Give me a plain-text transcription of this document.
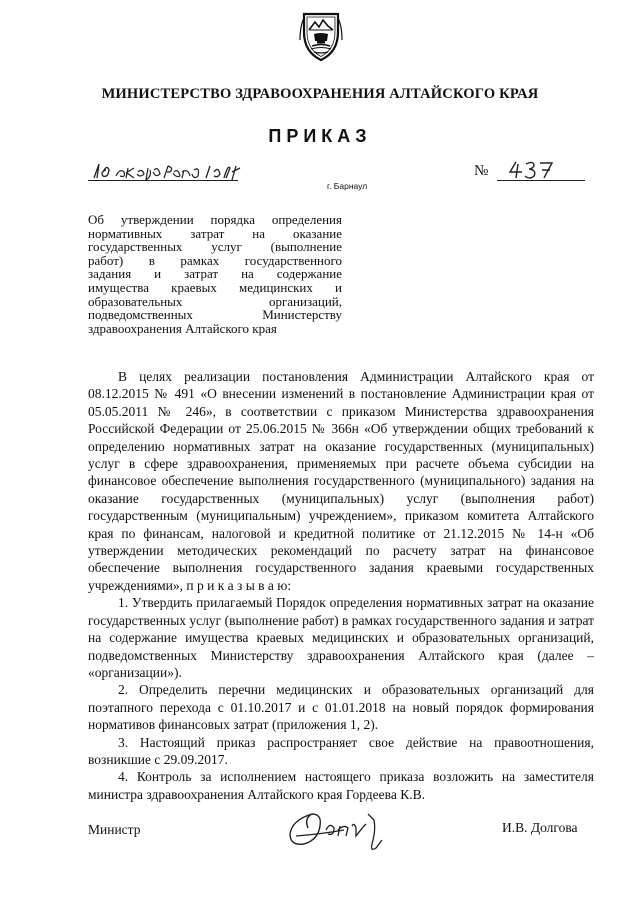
МИНИСТЕРСТВО ЗДРАВООХРАНЕНИЯ АЛТАЙСКОГО КРАЯ
ПРИКАЗ
г. Барнаул
№
Об утверждении порядка определения
нормативных затрат на оказание
государственных услуг (выполнение
работ) в рамках государственного
задания и затрат на содержание
имущества краевых медицинских и
образовательных организаций,
подведомственных Министерству
здравоохранения Алтайского края

В целях реализации постановления Администрации Алтайского края от 08.12.2015 № 491 «О внесении изменений в постановление Администрации края от 05.05.2011 № 246», в соответствии с приказом Министерства здравоохранения Российской Федерации от 25.06.2015 № 366н «Об утверждении общих требований к определению нормативных затрат на оказание государственных (муниципальных) услуг в сфере здравоохранения, применяемых при расчете объема субсидии на финансовое обеспечение выполнения государственного (муниципального) задания на оказание государственных (муниципальных) услуг (выполнения работ) государственным (муниципальным) учреждением», приказом комитета Алтайского края по финансам, налоговой и кредитной политике от 21.12.2015 № 14-н «Об утверждении методических рекомендаций по расчету затрат на финансовое обеспечение выполнения государственного задания краевыми государственных учреждениями», п р и к а з ы в а ю:

1. Утвердить прилагаемый Порядок определения нормативных затрат на оказание государственных услуг (выполнение работ) в рамках государственного задания и затрат на содержание имущества краевых медицинских и образовательных организаций, подведомственных Министерству здравоохранения Алтайского края (далее – «организации»).

2. Определить перечни медицинских и образовательных организаций для поэтапного перехода с 01.10.2017 и с 01.01.2018 на новый порядок формирования нормативов финансовых затрат (приложения 1, 2).

3. Настоящий приказ распространяет свое действие на правоотношения, возникшие с 29.09.2017.

4. Контроль за исполнением настоящего приказа возложить на заместителя министра здравоохранения Алтайского края Гордеева К.В.

Министр	И.В. Долгова
